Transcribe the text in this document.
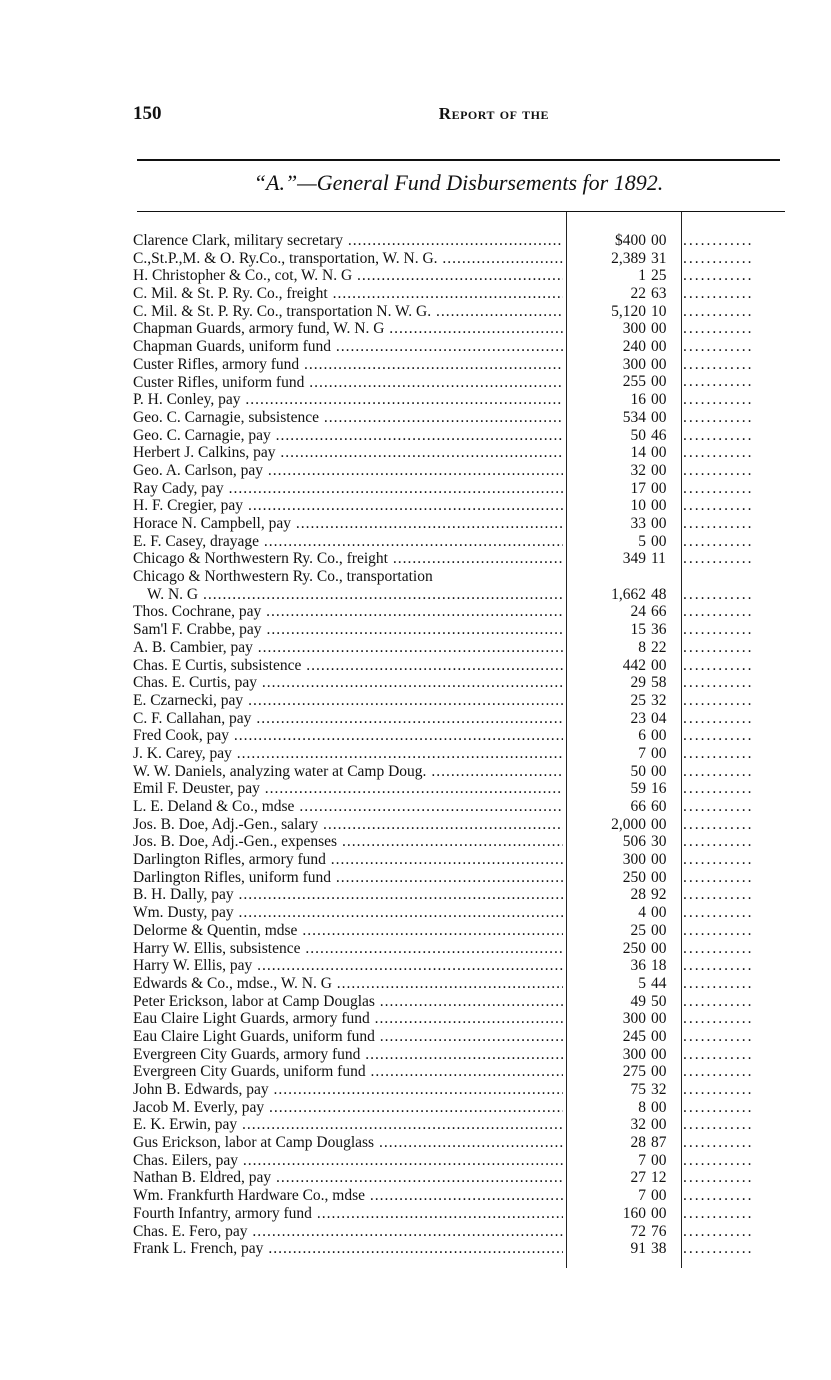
150	Report of the
“A.”—General Fund Disbursements for 1892.
Clarence Clark, military secretary .....	$400 00
.....
C.,St.P.,M. & O. Ry.Co., transportation, W. N. G. .....	2,389 31
.....
H. Christopher & Co., cot, W. N. G .....	1 25
.....
C. Mil. & St. P. Ry. Co., freight .....	22 63
.....
C. Mil. & St. P. Ry. Co., transportation N. W. G. .....	5,120 10
.....
Chapman Guards, armory fund, W. N. G .....	300 00
.....
Chapman Guards, uniform fund .....	240 00
.....
Custer Rifles, armory fund .....	300 00
.....
Custer Rifles, uniform fund .....	255 00
.....
P. H. Conley, pay .....	16 00
.....
Geo. C. Carnagie, subsistence .....	534 00
.....
Geo. C. Carnagie, pay .....	50 46
.....
Herbert J. Calkins, pay .....	14 00
.....
Geo. A. Carlson, pay .....	32 00
.....
Ray Cady, pay .....	17 00
.....
H. F. Cregier, pay .....	10 00
.....
Horace N. Campbell, pay .....	33 00
.....
E. F. Casey, drayage .....	5 00
.....
Chicago & Northwestern Ry. Co., freight .....	349 11
.....
Chicago & Northwestern Ry. Co., transportation
W. N. G .....	1,662 48
.....
Thos. Cochrane, pay .....	24 66
.....
Sam'l F. Crabbe, pay .....	15 36
.....
A. B. Cambier, pay .....	8 22
.....
Chas. E Curtis, subsistence .....	442 00
.....
Chas. E. Curtis, pay .....	29 58
.....
E. Czarnecki, pay .....	25 32
.....
C. F. Callahan, pay .....	23 04
.....
Fred Cook, pay .....	6 00
.....
J. K. Carey, pay .....	7 00
.....
W. W. Daniels, analyzing water at Camp Doug. .....	50 00
.....
Emil F. Deuster, pay .....	59 16
.....
L. E. Deland & Co., mdse .....	66 60
.....
Jos. B. Doe, Adj.-Gen., salary .....	2,000 00
.....
Jos. B. Doe, Adj.-Gen., expenses .....	506 30
.....
Darlington Rifles, armory fund .....	300 00
.....
Darlington Rifles, uniform fund .....	250 00
.....
B. H. Dally, pay .....	28 92
.....
Wm. Dusty, pay .....	4 00
.....
Delorme & Quentin, mdse .....	25 00
.....
Harry W. Ellis, subsistence .....	250 00
.....
Harry W. Ellis, pay .....	36 18
.....
Edwards & Co., mdse., W. N. G .....	5 44
.....
Peter Erickson, labor at Camp Douglas .....	49 50
.....
Eau Claire Light Guards, armory fund .....	300 00
.....
Eau Claire Light Guards, uniform fund .....	245 00
.....
Evergreen City Guards, armory fund .....	300 00
.....
Evergreen City Guards, uniform fund .....	275 00
.....
John B. Edwards, pay .....	75 32
.....
Jacob M. Everly, pay .....	8 00
.....
E. K. Erwin, pay .....	32 00
.....
Gus Erickson, labor at Camp Douglass .....	28 87
.....
Chas. Eilers, pay .....	7 00
.....
Nathan B. Eldred, pay .....	27 12
.....
Wm. Frankfurth Hardware Co., mdse .....	7 00
.....
Fourth Infantry, armory fund .....	160 00
.....
Chas. E. Fero, pay .....	72 76
.....
Frank L. French, pay .....	91 38
.....
